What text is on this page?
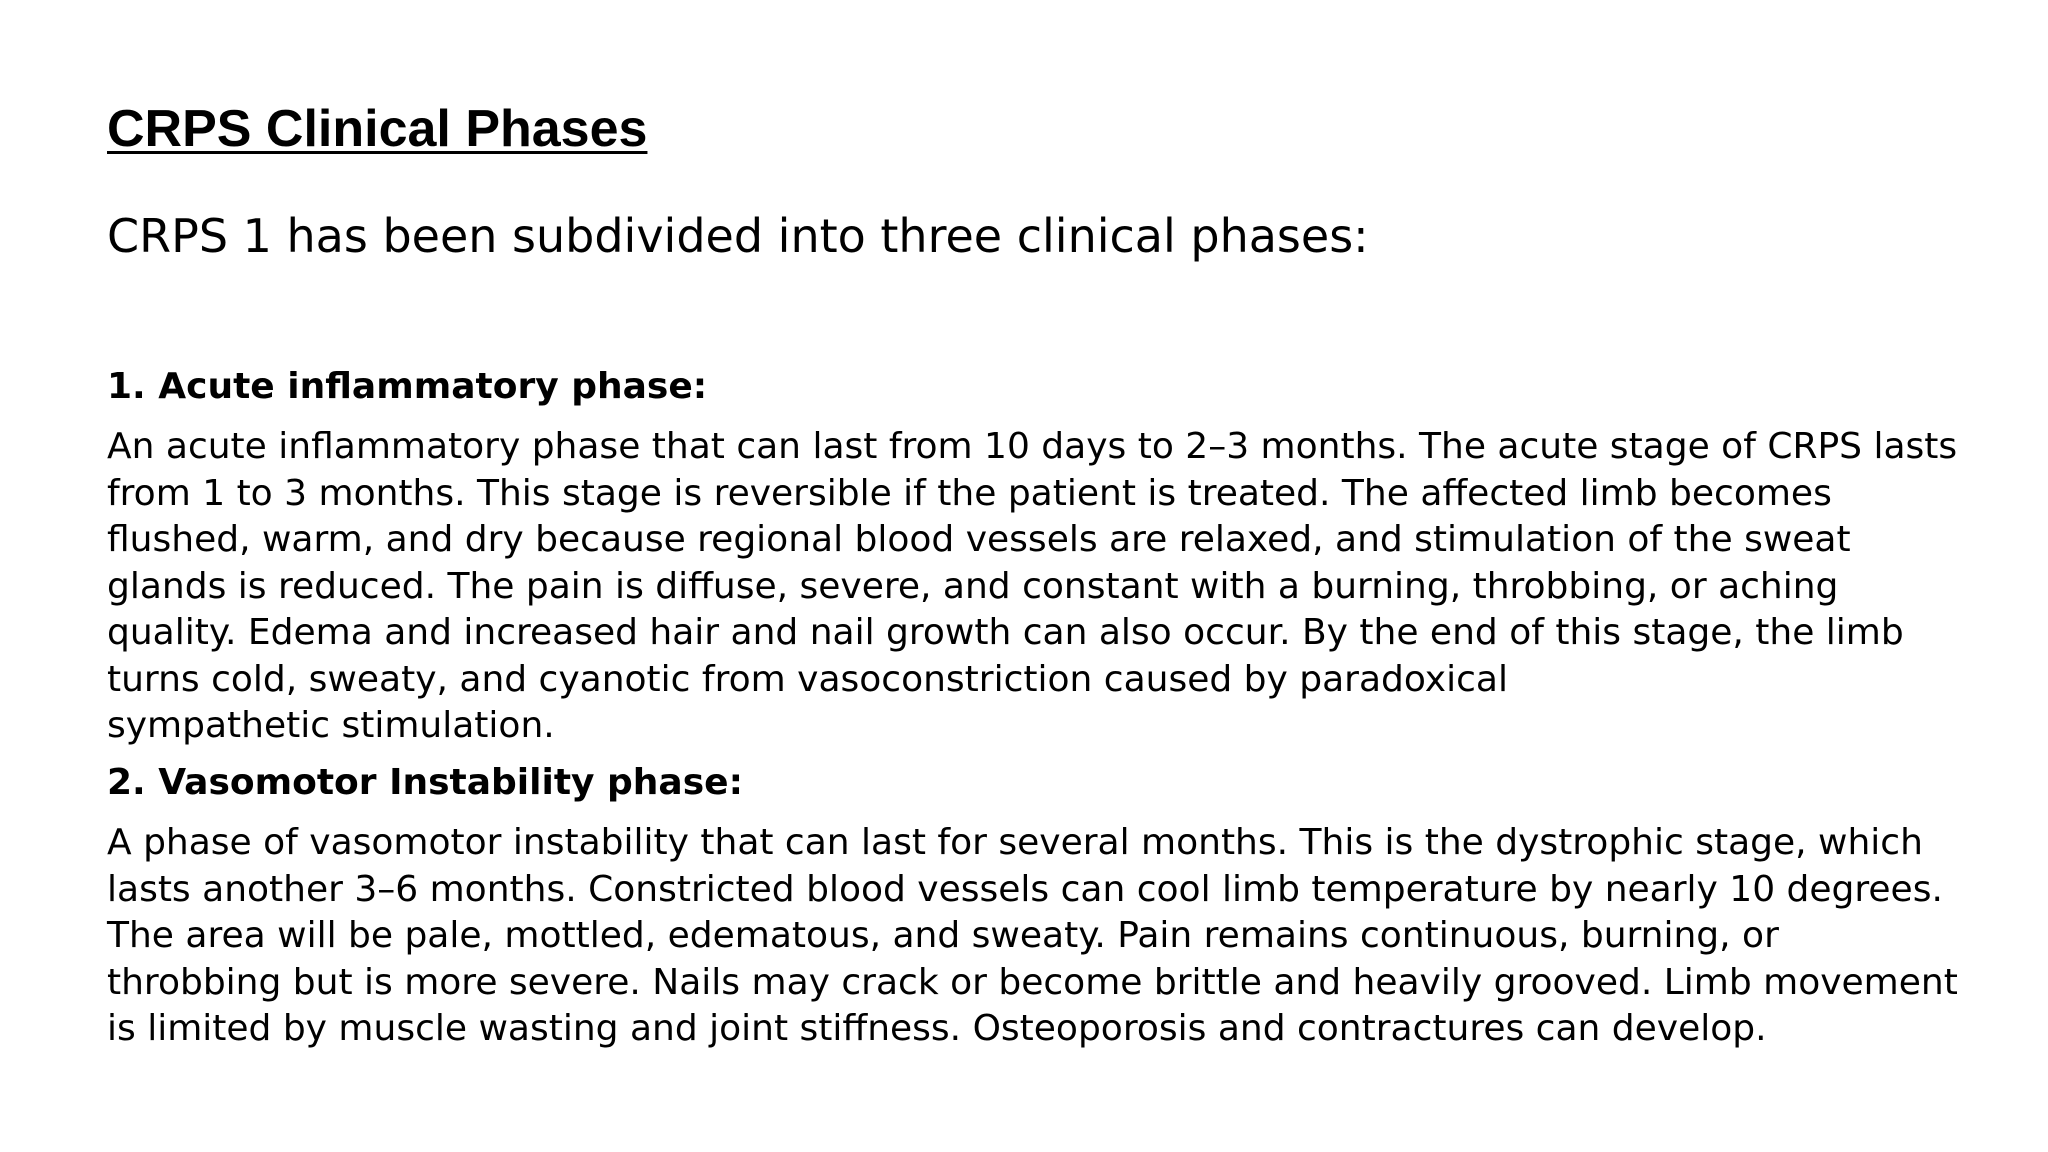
CRPS Clinical Phases

CRPS 1 has been subdivided into three clinical phases:

1. Acute inflammatory phase:
An acute inflammatory phase that can last from 10 days to 2–3 months. The acute stage of CRPS lasts
from 1 to 3 months. This stage is reversible if the patient is treated. The affected limb becomes
flushed, warm, and dry because regional blood vessels are relaxed, and stimulation of the sweat
glands is reduced. The pain is diffuse, severe, and constant with a burning, throbbing, or aching
quality. Edema and increased hair and nail growth can also occur. By the end of this stage, the limb
turns cold, sweaty, and cyanotic from vasoconstriction caused by paradoxical
sympathetic stimulation.
2. Vasomotor Instability phase:
A phase of vasomotor instability that can last for several months. This is the dystrophic stage, which
lasts another 3–6 months. Constricted blood vessels can cool limb temperature by nearly 10 degrees.
The area will be pale, mottled, edematous, and sweaty. Pain remains continuous, burning, or
throbbing but is more severe. Nails may crack or become brittle and heavily grooved. Limb movement
is limited by muscle wasting and joint stiffness. Osteoporosis and contractures can develop.
